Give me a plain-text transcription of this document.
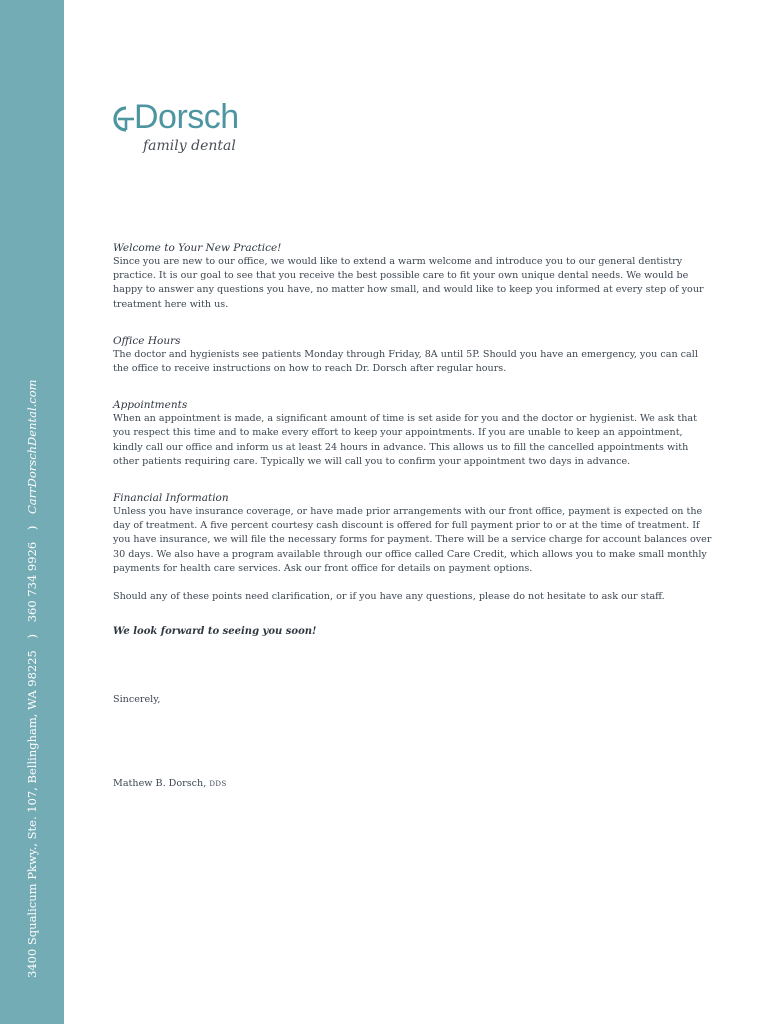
3400 Squalicum Pkwy., Ste. 107, Bellingham, WA 98225 ) 360 734 9926 ) CarrDorschDental.com
Dorsch
family dental

Welcome to Your New Practice!

Since you are new to our office, we would like to extend a warm welcome and introduce you to our general dentistry practice. It is our goal to see that you receive the best possible care to fit your own unique dental needs. We would be happy to answer any questions you have, no matter how small, and would like to keep you informed at every step of your treatment here with us.

Office Hours

The doctor and hygienists see patients Monday through Friday, 8A until 5P. Should you have an emergency, you can call the office to receive instructions on how to reach Dr. Dorsch after regular hours.

Appointments

When an appointment is made, a significant amount of time is set aside for you and the doctor or hygienist. We ask that you respect this time and to make every effort to keep your appointments. If you are unable to keep an appointment, kindly call our office and inform us at least 24 hours in advance. This allows us to fill the cancelled appointments with other patients requiring care. Typically we will call you to confirm your appointment two days in advance.

Financial Information

Unless you have insurance coverage, or have made prior arrangements with our front office, payment is expected on the day of treatment. A five percent courtesy cash discount is offered for full payment prior to or at the time of treatment. If you have insurance, we will file the necessary forms for payment. There will be a service charge for account balances over 30 days. We also have a program available through our office called Care Credit, which allows you to make small monthly payments for health care services. Ask our front office for details on payment options.

Should any of these points need clarification, or if you have any questions, please do not hesitate to ask our staff.

We look forward to seeing you soon!

Sincerely,

Mathew B. Dorsch, DDS
